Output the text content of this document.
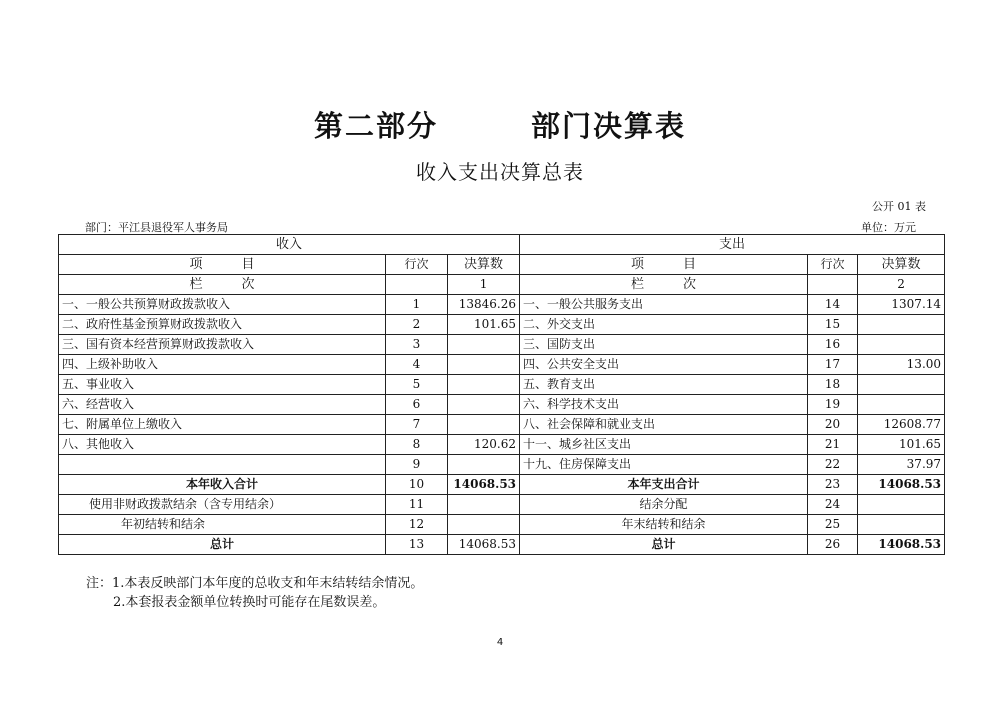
第二部分　　　部门决算表
收入支出决算总表
公开 01 表
部门：平江县退役军人事务局	单位：万元
收入			支出		
项　　　目	行次	决算数	项　　　目	行次	决算数
栏　　　次		1	栏　　　次		2
一、一般公共预算财政拨款收入	1	13846.26	一、一般公共服务支出	14	1307.14
二、政府性基金预算财政拨款收入	2	101.65	二、外交支出	15	
三、国有资本经营预算财政拨款收入	3		三、国防支出	16	
四、上级补助收入	4		四、公共安全支出	17	13.00
五、事业收入	5		五、教育支出	18	
六、经营收入	6		六、科学技术支出	19	
七、附属单位上缴收入	7		八、社会保障和就业支出	20	12608.77
八、其他收入	8	120.62	十一、城乡社区支出	21	101.65
	9		十九、住房保障支出	22	37.97
本年收入合计	10	14068.53	本年支出合计	23	14068.53
使用非财政拨款结余（含专用结余）	11		结余分配	24	
年初结转和结余	12		年末结转和结余	25	
总计	13	14068.53	总计	26	14068.53
注：1.本表反映部门本年度的总收支和年末结转结余情况。
2.本套报表金额单位转换时可能存在尾数误差。
4
